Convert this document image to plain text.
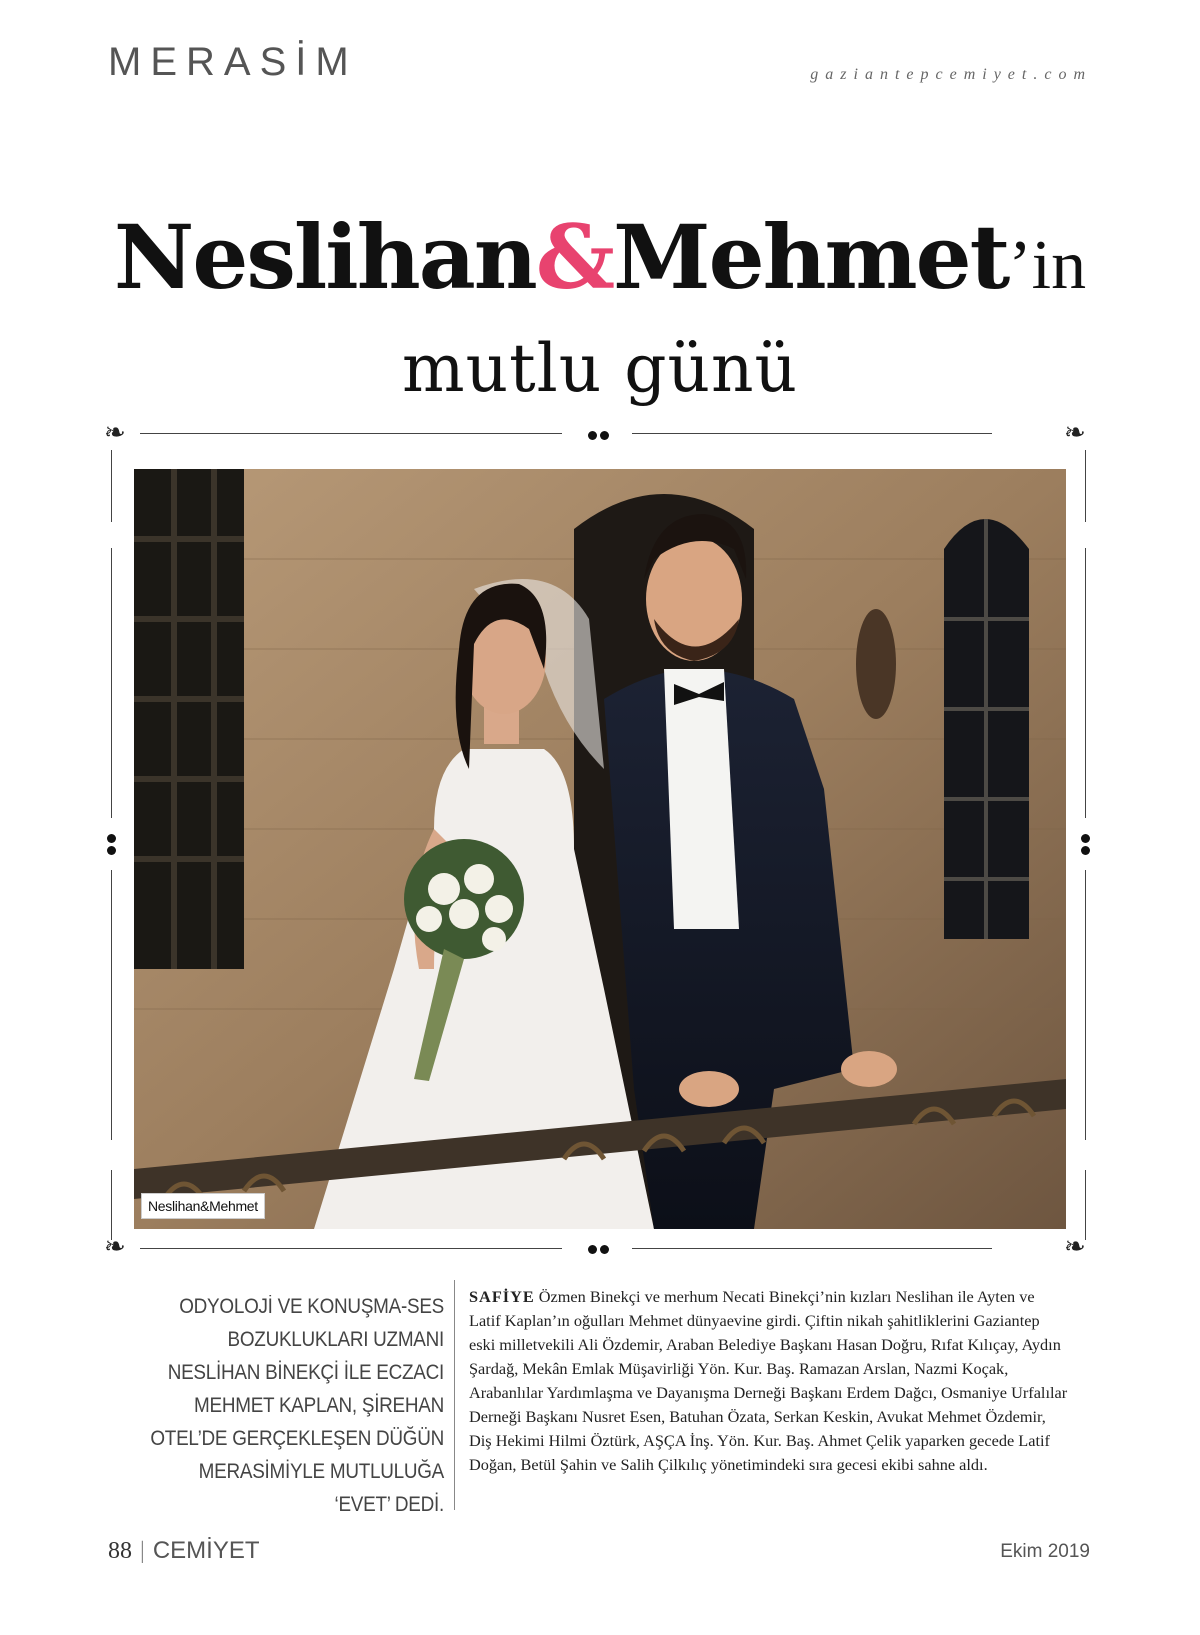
MERASİM	gaziantepcemiyet.com
Neslihan&Mehmet’in
mutlu günü
❧	❧
❧	❧
Neslihan&Mehmet
ODYOLOJİ VE KONUŞMA-SES BOZUKLUKLARI UZMANI NESLİHAN BİNEKÇİ İLE ECZACI MEHMET KAPLAN, ŞİREHAN OTEL’DE GERÇEKLEŞEN DÜĞÜN MERASİMİYLE MUTLULUĞA ‘EVET’ DEDİ.
SAFİYE Özmen Binekçi ve merhum Necati Binekçi’nin kızları Neslihan ile Ayten ve Latif Kaplan’ın oğulları Mehmet dünyaevine girdi. Çiftin nikah şahitliklerini Gaziantep eski milletvekili Ali Özdemir, Araban Belediye Başkanı Hasan Doğru, Rıfat Kılıçay, Aydın Şardağ, Mekân Emlak Müşavirliği Yön. Kur. Baş. Ramazan Arslan, Nazmi Koçak, Arabanlılar Yardımlaşma ve Dayanışma Derneği Başkanı Erdem Dağcı, Osmaniye Urfalılar Derneği Başkanı Nusret Esen, Batuhan Özata, Serkan Keskin, Avukat Mehmet Özdemir, Diş Hekimi Hilmi Öztürk, AŞÇA İnş. Yön. Kur. Baş. Ahmet Çelik yaparken gecede Latif Doğan, Betül Şahin ve Salih Çilkılıç yönetimindeki sıra gecesi ekibi sahne aldı.
88 | CEMİYET	Ekim 2019
